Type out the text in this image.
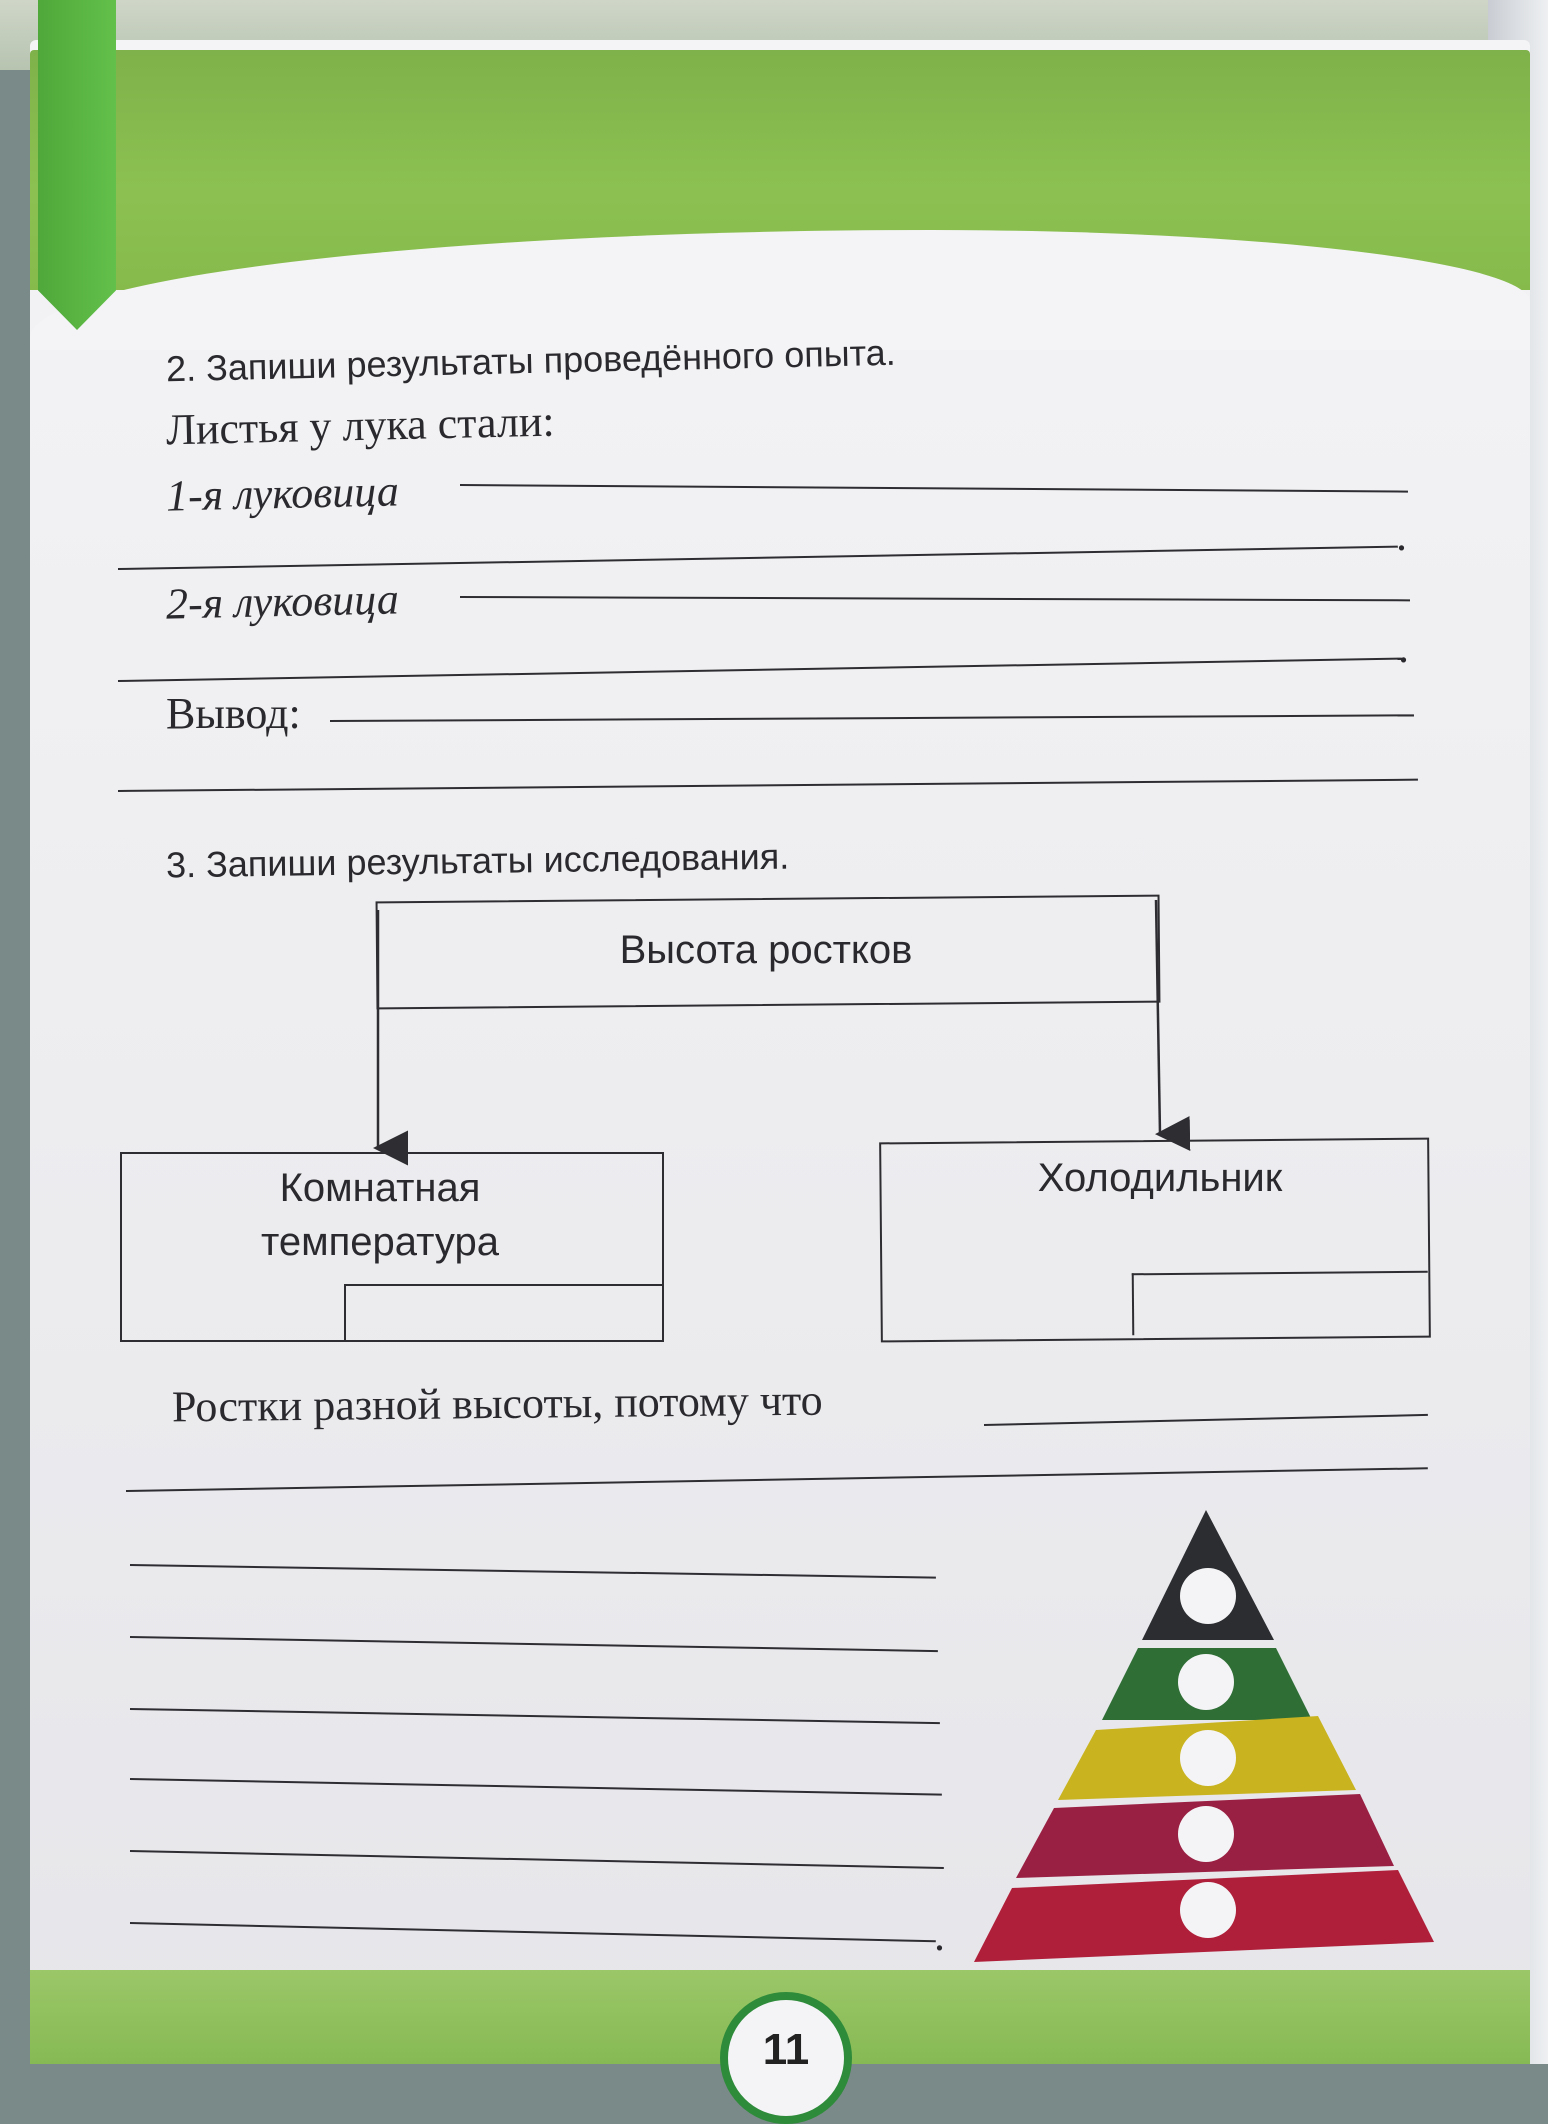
2. Запиши результаты проведённого опыта.
Листья у лука стали:
1-я луковица
.
2-я луковица
.
Вывод:
3. Запиши результаты исследования.
Высота ростков
Комнатная
температура
Холодильник
Ростки разной высоты, потому что
.
11
